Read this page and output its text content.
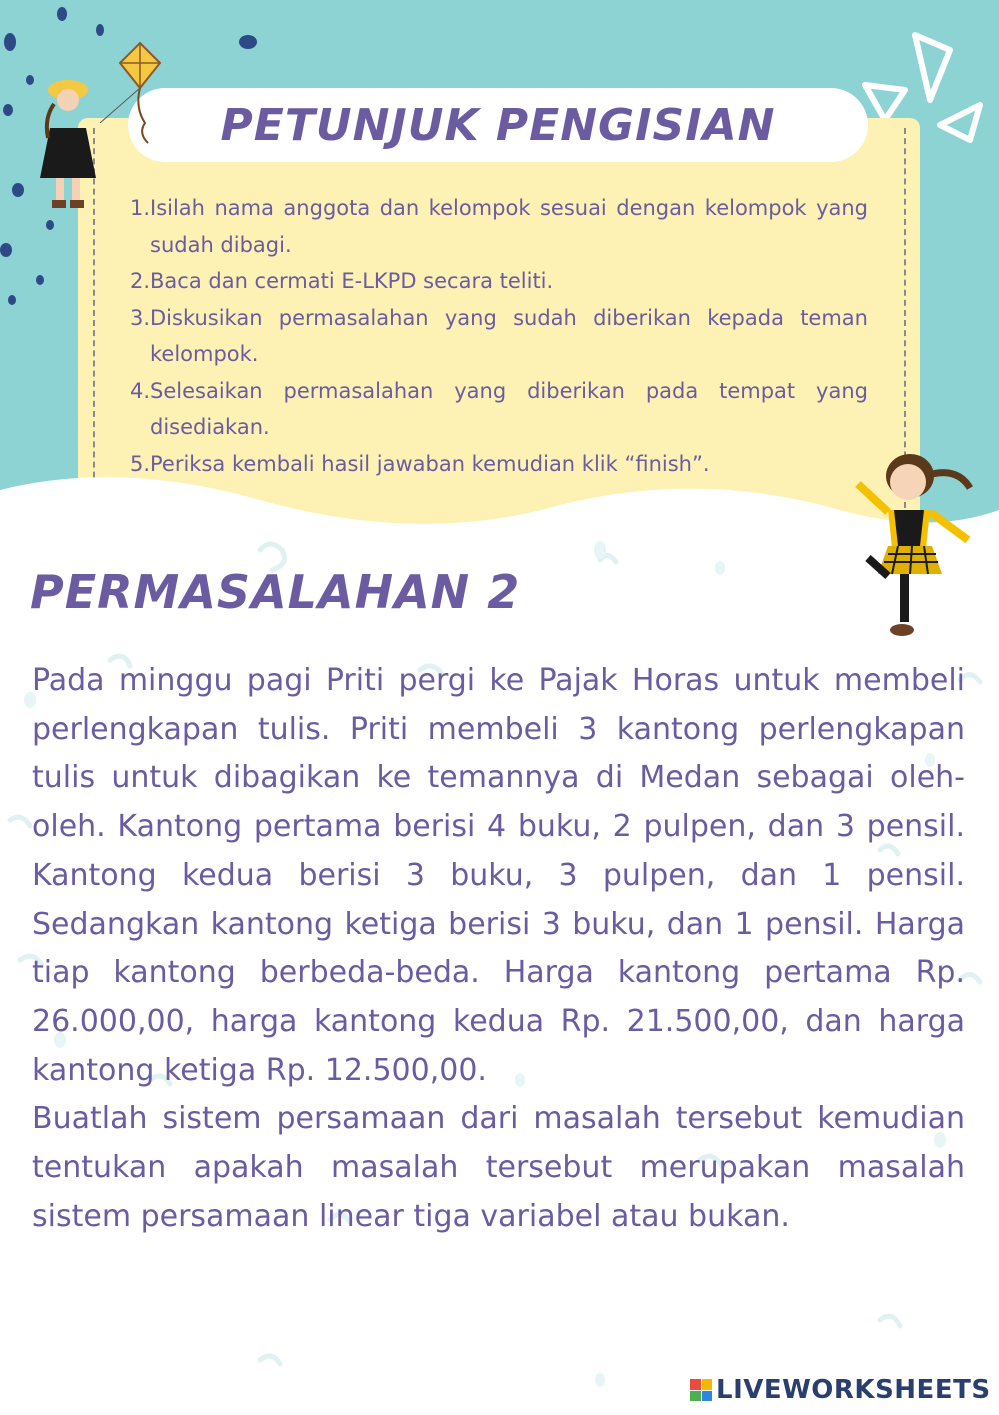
PETUNJUK PENGISIAN
1. Isilah nama anggota dan kelompok sesuai dengan kelompok yang sudah dibagi.
2. Baca dan cermati E-LKPD secara teliti.
3. Diskusikan permasalahan yang sudah diberikan kepada teman kelompok.
4. Selesaikan permasalahan yang diberikan pada tempat yang disediakan.
5. Periksa kembali hasil jawaban kemudian klik “finish”.
PERMASALAHAN 2

Pada minggu pagi Priti pergi ke Pajak Horas untuk membeli perlengkapan tulis. Priti membeli 3 kantong perlengkapan tulis untuk dibagikan ke temannya di Medan sebagai oleh-oleh. Kantong pertama berisi 4 buku, 2 pulpen, dan 3 pensil. Kantong kedua berisi 3 buku, 3 pulpen, dan 1 pensil. Sedangkan kantong ketiga berisi 3 buku, dan 1 pensil. Harga tiap kantong berbeda-beda. Harga kantong pertama Rp. 26.000,00, harga kantong kedua Rp. 21.500,00, dan harga kantong ketiga Rp. 12.500,00.

Buatlah sistem persamaan dari masalah tersebut kemudian tentukan apakah masalah tersebut merupakan masalah sistem persamaan linear tiga variabel atau bukan.

LIVEWORKSHEETS
